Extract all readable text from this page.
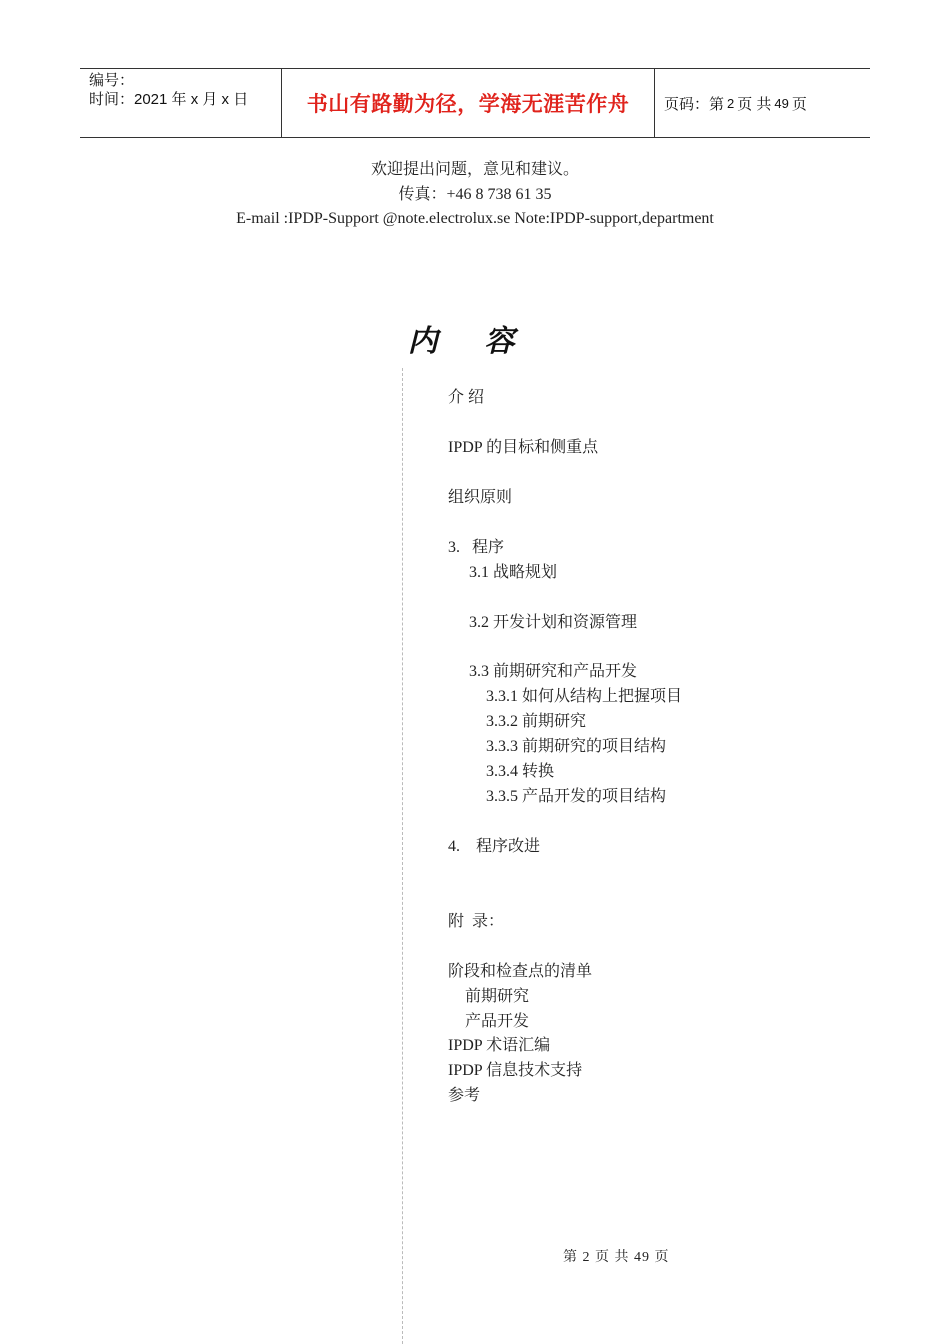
编号：
时间：2021 年 x 月 x 日	书山有路勤为径，学海无涯苦作舟	页码：第 2 页 共 49 页
欢迎提出问题，意见和建议。
传真：+46 8 738 61 35
E-mail :IPDP-Support @note.electrolux.se Note:IPDP-support,department
内 容
介 绍
IPDP 的目标和侧重点
组织原则
3.   程序
3.1 战略规划
3.2 开发计划和资源管理
3.3 前期研究和产品开发
3.3.1 如何从结构上把握项目
3.3.2 前期研究
3.3.3 前期研究的项目结构
3.3.4 转换
3.3.5 产品开发的项目结构
4.    程序改进
附  录：
阶段和检查点的清单
前期研究
产品开发
IPDP 术语汇编
IPDP 信息技术支持
参考
第 2 页 共 49 页
